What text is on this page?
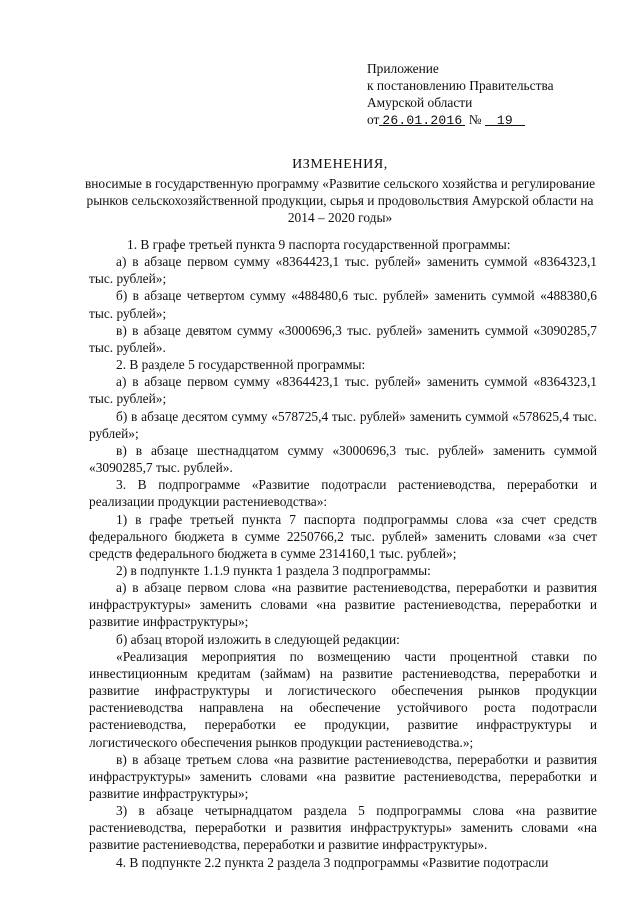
Приложение
к постановлению Правительства
Амурской области
от 26.01.2016 № 19
ИЗМЕНЕНИЯ,
вносимые в государственную программу «Развитие сельского хозяйства и регулирование рынков сельскохозяйственной продукции, сырья и продовольствия Амурской области на 2014 – 2020 годы»

1. В графе третьей пункта 9 паспорта государственной программы:

а) в абзаце первом сумму «8364423,1 тыс. рублей» заменить суммой «8364323,1 тыс. рублей»;

б) в абзаце четвертом сумму «488480,6 тыс. рублей» заменить суммой «488380,6 тыс. рублей»;

в) в абзаце девятом сумму «3000696,3 тыс. рублей» заменить суммой «3090285,7 тыс. рублей».

2. В разделе 5 государственной программы:

а) в абзаце первом сумму «8364423,1 тыс. рублей» заменить суммой «8364323,1 тыс. рублей»;

б) в абзаце десятом сумму «578725,4 тыс. рублей» заменить суммой «578625,4 тыс. рублей»;

в) в абзаце шестнадцатом сумму «3000696,3 тыс. рублей» заменить суммой «3090285,7 тыс. рублей».

3. В подпрограмме «Развитие подотрасли растениеводства, переработки и реализации продукции растениеводства»:

1) в графе третьей пункта 7 паспорта подпрограммы слова «за счет средств федерального бюджета в сумме 2250766,2 тыс. рублей» заменить словами «за счет средств федерального бюджета в сумме 2314160,1 тыс. рублей»;

2) в подпункте 1.1.9 пункта 1 раздела 3 подпрограммы:

а) в абзаце первом слова «на развитие растениеводства, переработки и развития инфраструктуры» заменить словами «на развитие растениеводства, переработки и развитие инфраструктуры»;

б) абзац второй изложить в следующей редакции:

«Реализация мероприятия по возмещению части процентной ставки по инвестиционным кредитам (займам) на развитие растениеводства, переработки и развитие инфраструктуры и логистического обеспечения рынков продукции растениеводства направлена на обеспечение устойчивого роста подотрасли растениеводства, переработки ее продукции, развитие инфраструктуры и логистического обеспечения рынков продукции растениеводства.»;

в) в абзаце третьем слова «на развитие растениеводства, переработки и развития инфраструктуры» заменить словами «на развитие растениеводства, переработки и развитие инфраструктуры»;

3) в абзаце четырнадцатом раздела 5 подпрограммы слова «на развитие растениеводства, переработки и развития инфраструктуры» заменить словами «на развитие растениеводства, переработки и развитие инфраструктуры».

4. В подпункте 2.2 пункта 2 раздела 3 подпрограммы «Развитие подотрасли
